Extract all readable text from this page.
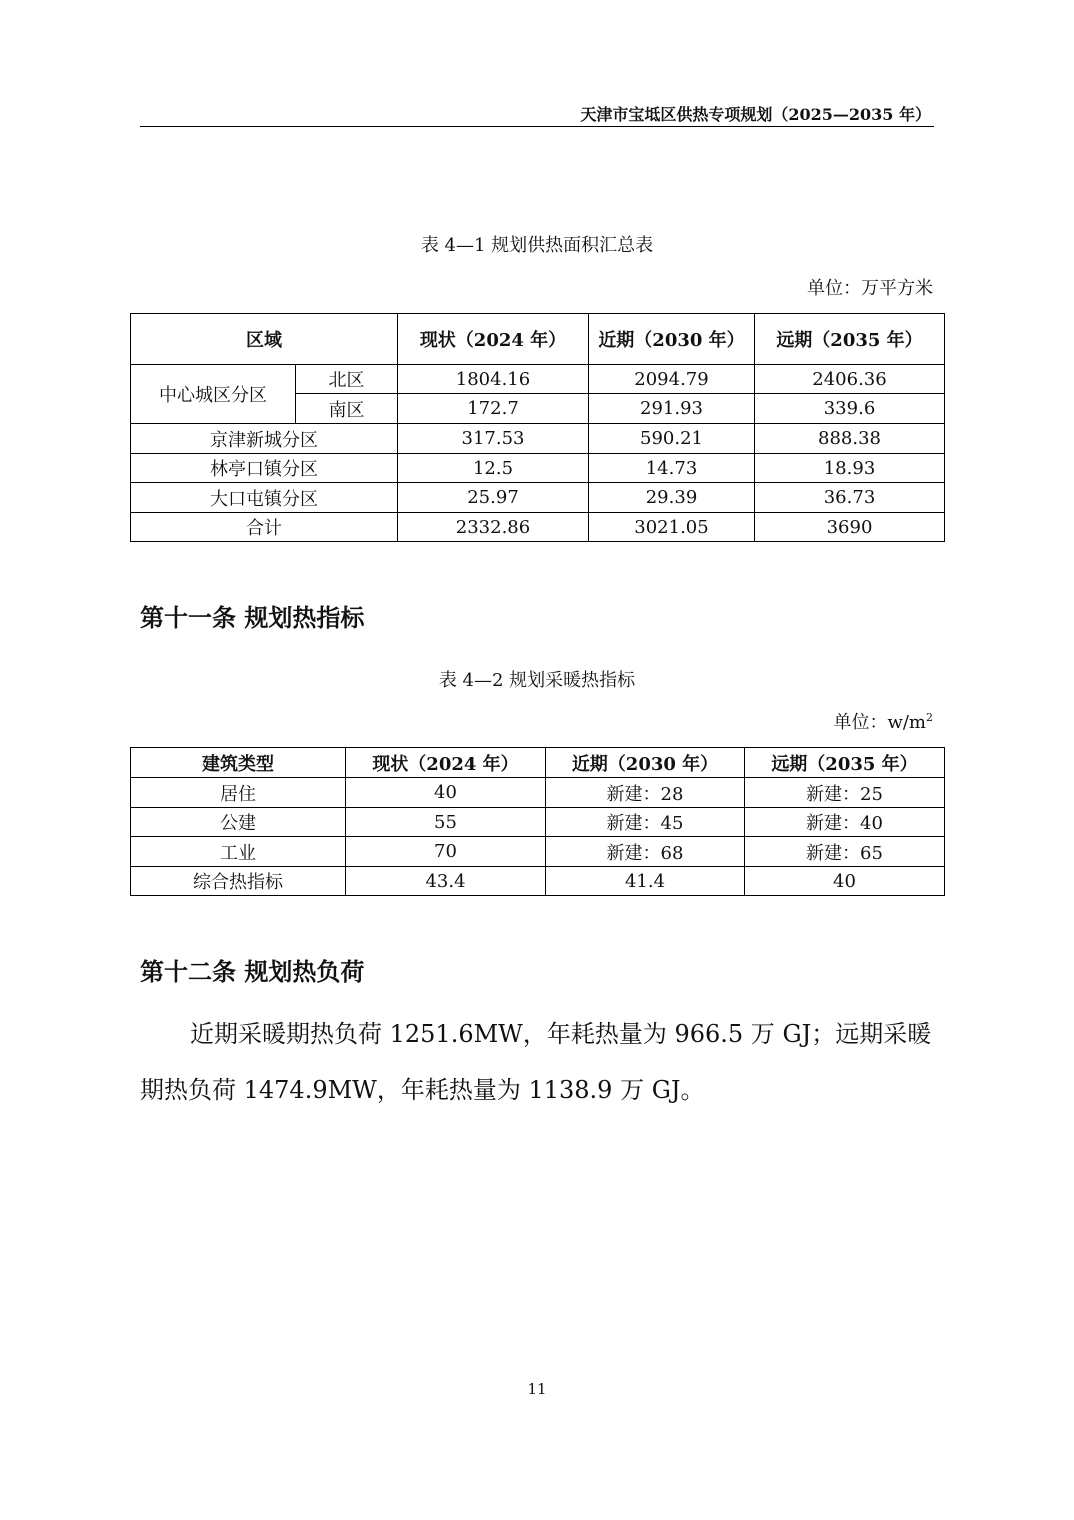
天津市宝坻区供热专项规划（2025—2035 年）
表 4—1 规划供热面积汇总表
单位：万平方米
区域		现状（2024 年）	近期（2030 年）	远期（2035 年）
中心城区分区	北区	1804.16	2094.79	2406.36
	南区	172.7	291.93	339.6
京津新城分区		317.53	590.21	888.38
林亭口镇分区		12.5	14.73	18.93
大口屯镇分区		25.97	29.39	36.73
合计		2332.86	3021.05	3690
第十一条 规划热指标
表 4—2 规划采暖热指标
单位：$w/m^2$
建筑类型	现状（2024 年）	近期（2030 年）	远期（2035 年）
居住	40	新建：28	新建：25
公建	55	新建：45	新建：40
工业	70	新建：68	新建：65
综合热指标	43.4	41.4	40
第十二条 规划热负荷
近期采暖期热负荷 1251.6MW，年耗热量为 966.5 万 GJ；远期采暖期热负荷 1474.9MW，年耗热量为 1138.9 万 GJ。
11
